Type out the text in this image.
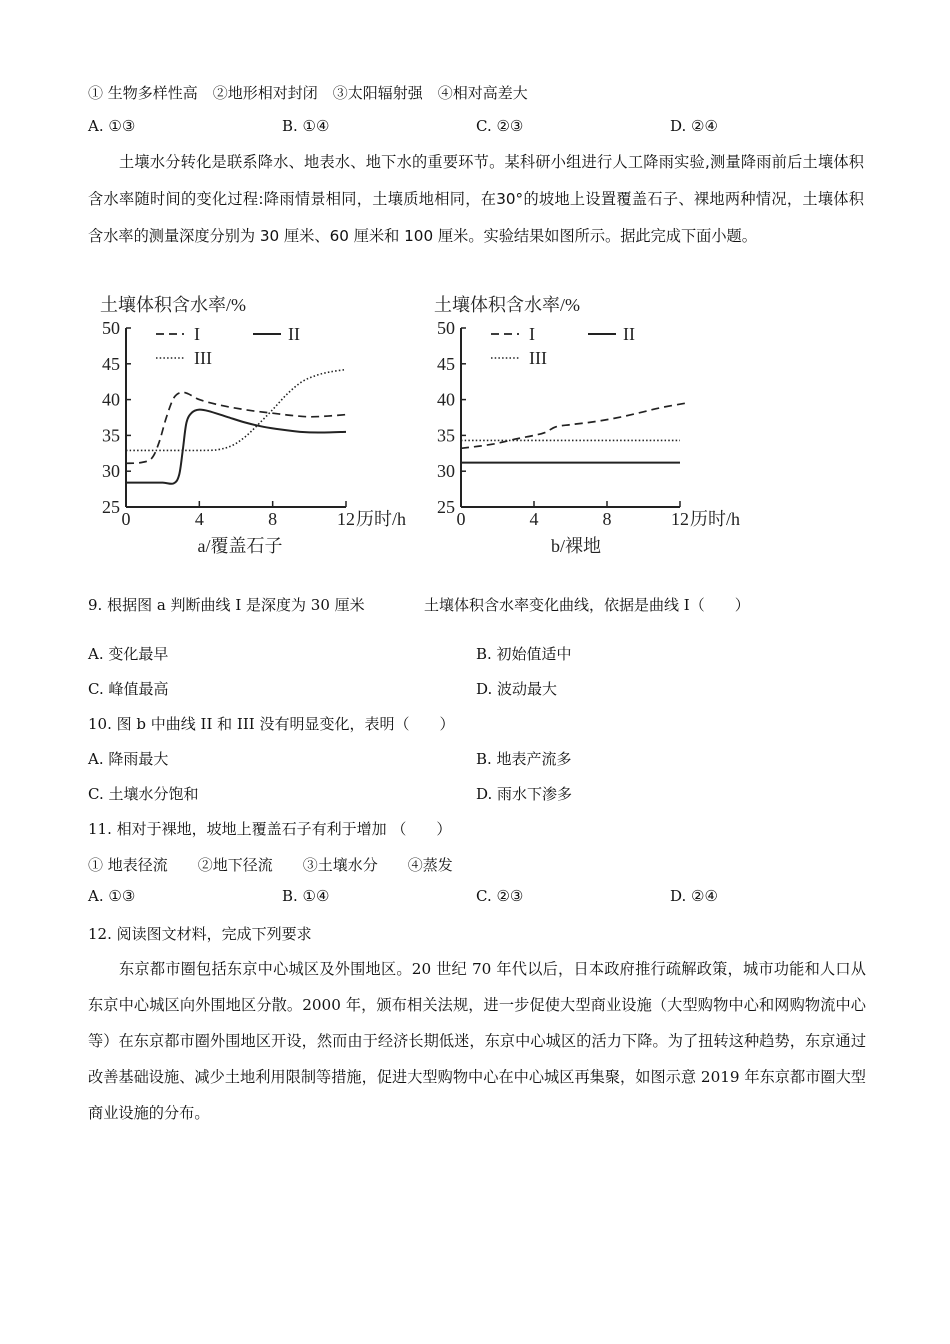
① 生物多样性高　②地形相对封闭　③太阳辐射强　④相对高差大
A. ①③	B. ①④	C. ②③	D. ②④
土壤水分转化是联系降水、地表水、地下水的重要环节。某科研小组进行人工降雨实验,测量降雨前后土壤体积含水率随时间的变化过程:降雨情景相同，土壤质地相同，在30°的坡地上设置覆盖石子、裸地两种情况，土壤体积含水率的测量深度分别为 30 厘米、60 厘米和 100 厘米。实验结果如图所示。据此完成下面小题。
土壤体积含水率/%
25
30
35
40
45
50
0	4	8	12 历时/h
a/覆盖石子
I	II
III
土壤体积含水率/%
25
30
35
40
45
50
0	4	8	12 历时/h
b/裸地
I	II
III
9. 根据图 a 判断曲线 I 是深度为 30 厘米	土壤体积含水率变化曲线，依据是曲线 I（　　）
A. 变化最早	B. 初始值适中
C. 峰值最高	D. 波动最大
10. 图 b 中曲线 II 和 III 没有明显变化，表明（　　）
A. 降雨最大	B. 地表产流多
C. 土壤水分饱和	D. 雨水下渗多
11. 相对于裸地，坡地上覆盖石子有利于增加 （　　）
① 地表径流　　②地下径流　　③土壤水分　　④蒸发
A. ①③	B. ①④	C. ②③	D. ②④
12. 阅读图文材料，完成下列要求
东京都市圈包括东京中心城区及外围地区。20 世纪 70 年代以后，日本政府推行疏解政策，城市功能和人口从东京中心城区向外围地区分散。2000 年，颁布相关法规，进一步促使大型商业设施（大型购物中心和网购物流中心等）在东京都市圈外围地区开设，然而由于经济长期低迷，东京中心城区的活力下降。为了扭转这种趋势，东京通过改善基础设施、减少土地利用限制等措施，促进大型购物中心在中心城区再集聚，如图示意 2019 年东京都市圈大型商业设施的分布。
